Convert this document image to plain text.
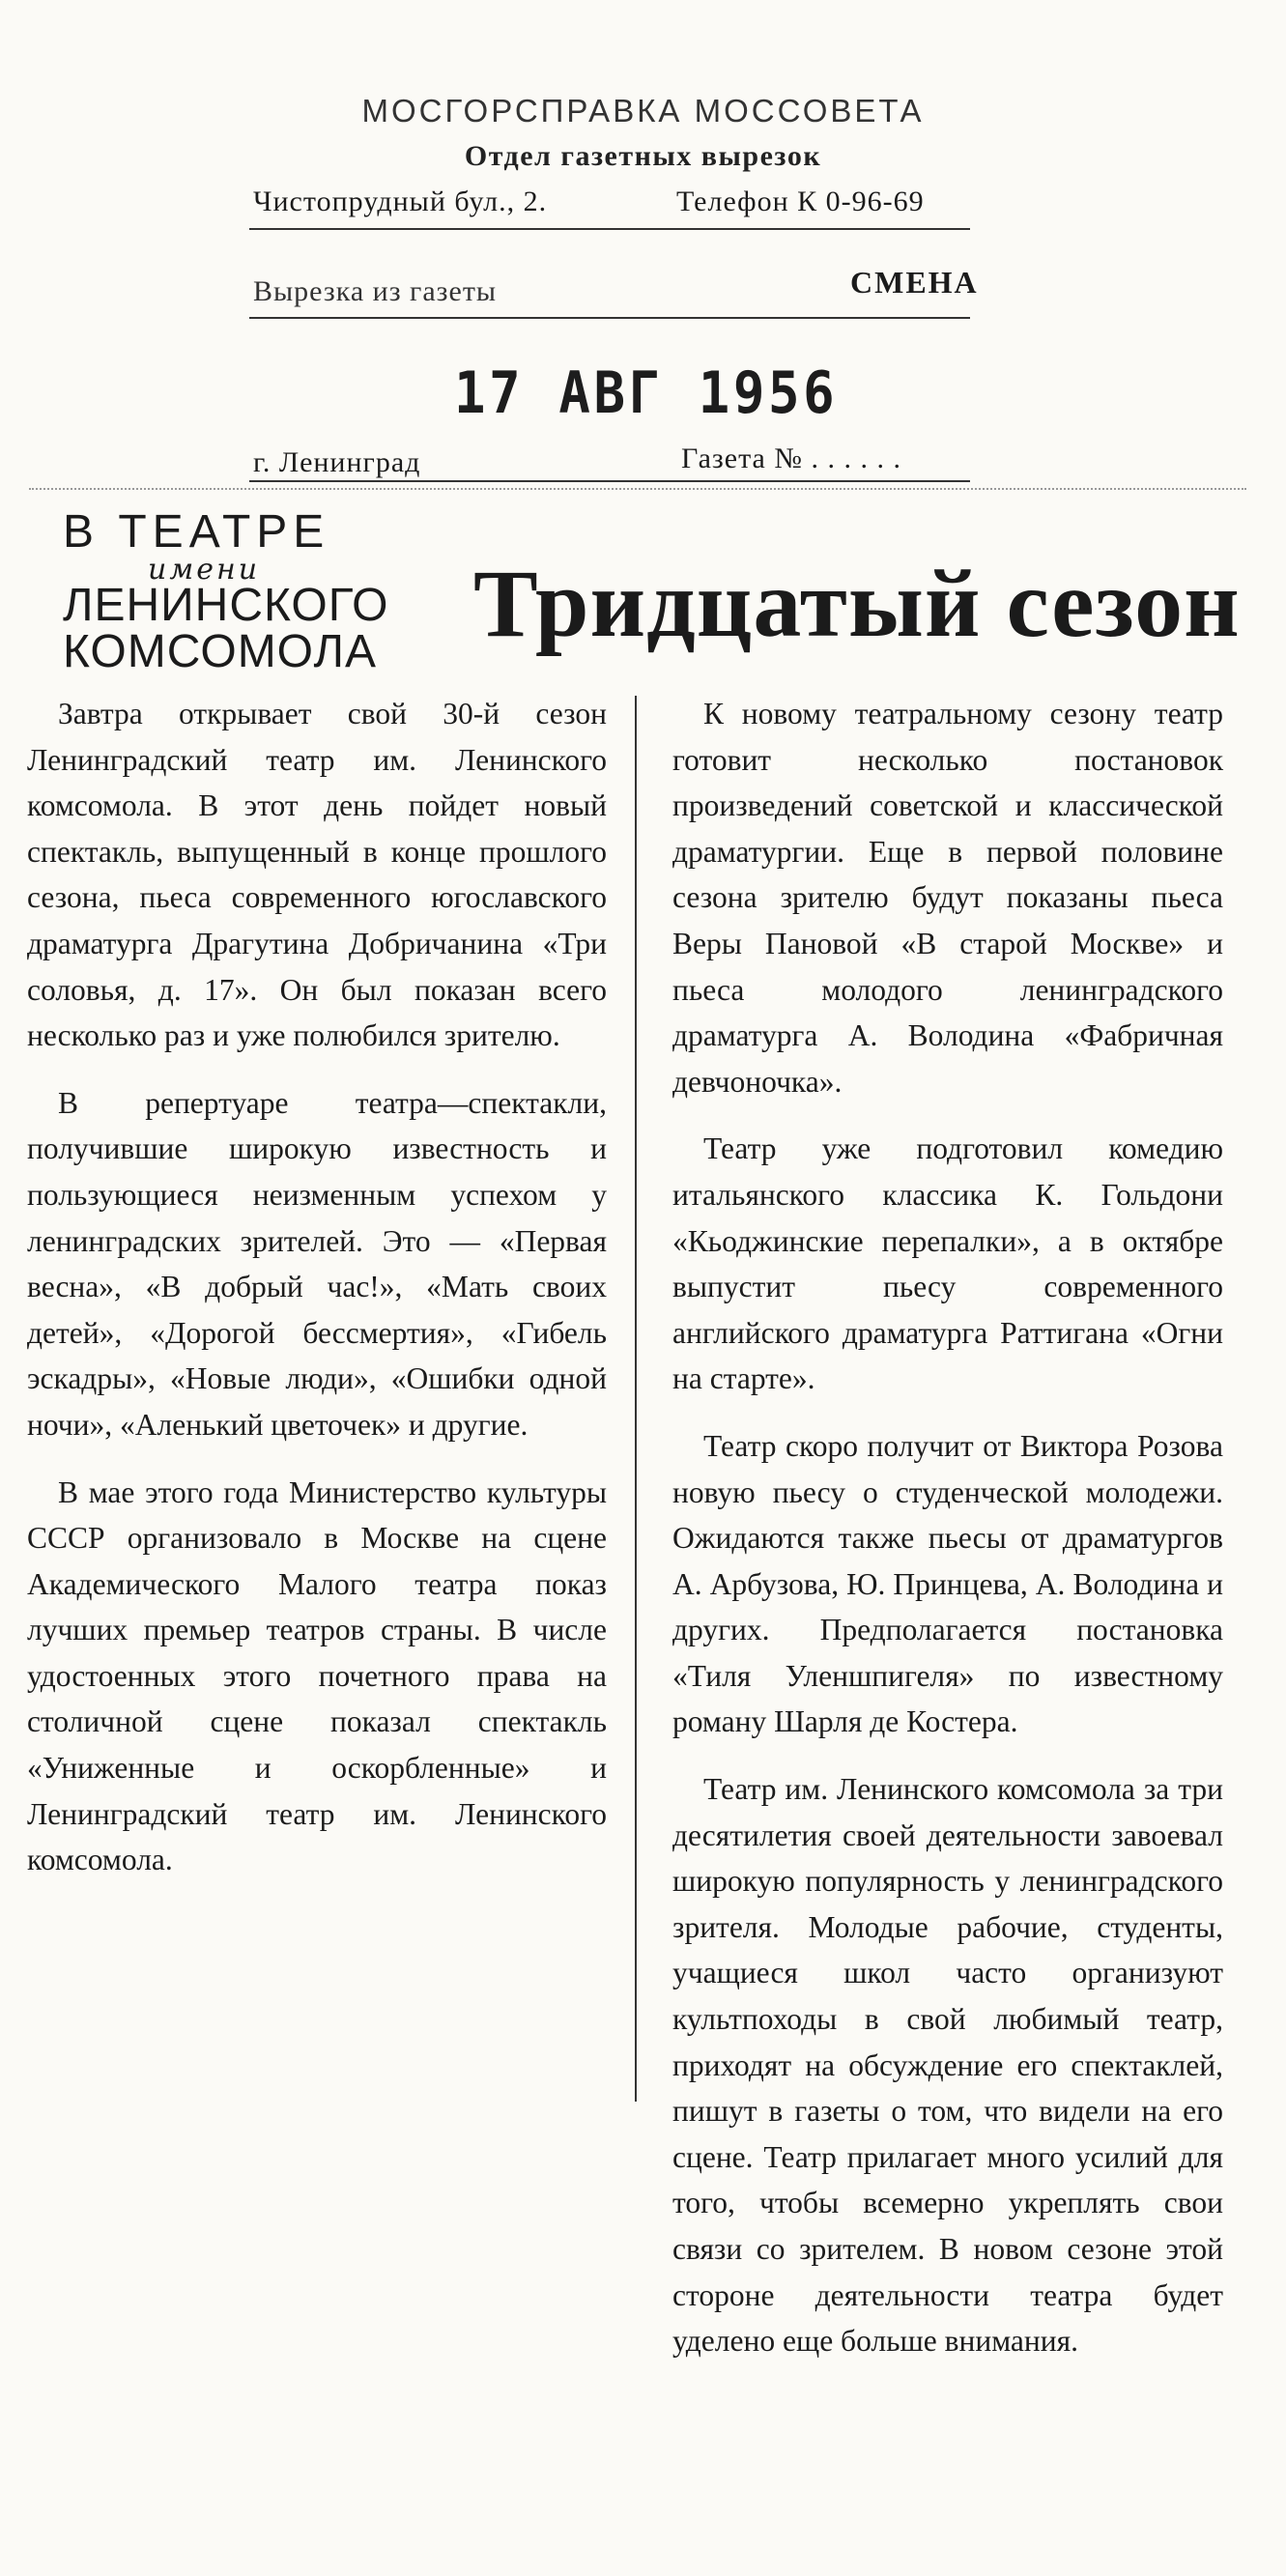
МОСГОРСПРАВКА МОССОВЕТА
Отдел газетных вырезок
Чистопрудный бул., 2.	Телефон К 0-96-69
Вырезка из газеты	СМЕНА
17 АВГ 1956
г. Ленинград	Газета № . . . . . .
В ТЕАТРЕ
имени
ЛЕНИНСКОГО
КОМСОМОЛА	Тридцатый сезон

Завтра открывает свой 30-й сезон Ленинградский театр им. Ленинского комсомола. В этот день пойдет новый спектакль, выпущенный в конце прошлого сезона, пьеса современного югославского драматурга Драгутина Добричанина «Три соловья, д. 17». Он был показан всего несколько раз и уже полюбился зрителю.

В репертуаре театра—спектакли, получившие широкую известность и пользующиеся неизменным успехом у ленинградских зрителей. Это — «Первая весна», «В добрый час!», «Мать своих детей», «Дорогой бессмертия», «Гибель эскадры», «Новые люди», «Ошибки одной ночи», «Аленький цветочек» и другие.

В мае этого года Министерство культуры СССР организовало в Москве на сцене Академического Малого театра показ лучших премьер театров страны. В числе удостоенных этого почетного права на столичной сцене показал спектакль «Униженные и оскорбленные» и Ленинградский театр им. Ленинского комсомола.

К новому театральному сезону театр готовит несколько постановок произведений советской и классической драматургии. Еще в первой половине сезона зрителю будут показаны пьеса Веры Пановой «В старой Москве» и пьеса молодого ленинградского драматурга А. Володина «Фабричная девчоночка».

Театр уже подготовил комедию итальянского классика К. Гольдони «Кьоджинские перепалки», а в октябре выпустит пьесу современного английского драматурга Раттигана «Огни на старте».

Театр скоро получит от Виктора Розова новую пьесу о студенческой молодежи. Ожидаются также пьесы от драматургов А. Арбузова, Ю. Принцева, А. Володина и других. Предполагается постановка «Тиля Уленшпигеля» по известному роману Шарля де Костера.

Театр им. Ленинского комсомола за три десятилетия своей деятельности завоевал широкую популярность у ленинградского зрителя. Молодые рабочие, студенты, учащиеся школ часто организуют культпоходы в свой любимый театр, приходят на обсуждение его спектаклей, пишут в газеты о том, что видели на его сцене. Театр прилагает много усилий для того, чтобы всемерно укреплять свои связи со зрителем. В новом сезоне этой стороне деятельности театра будет уделено еще больше внимания.
